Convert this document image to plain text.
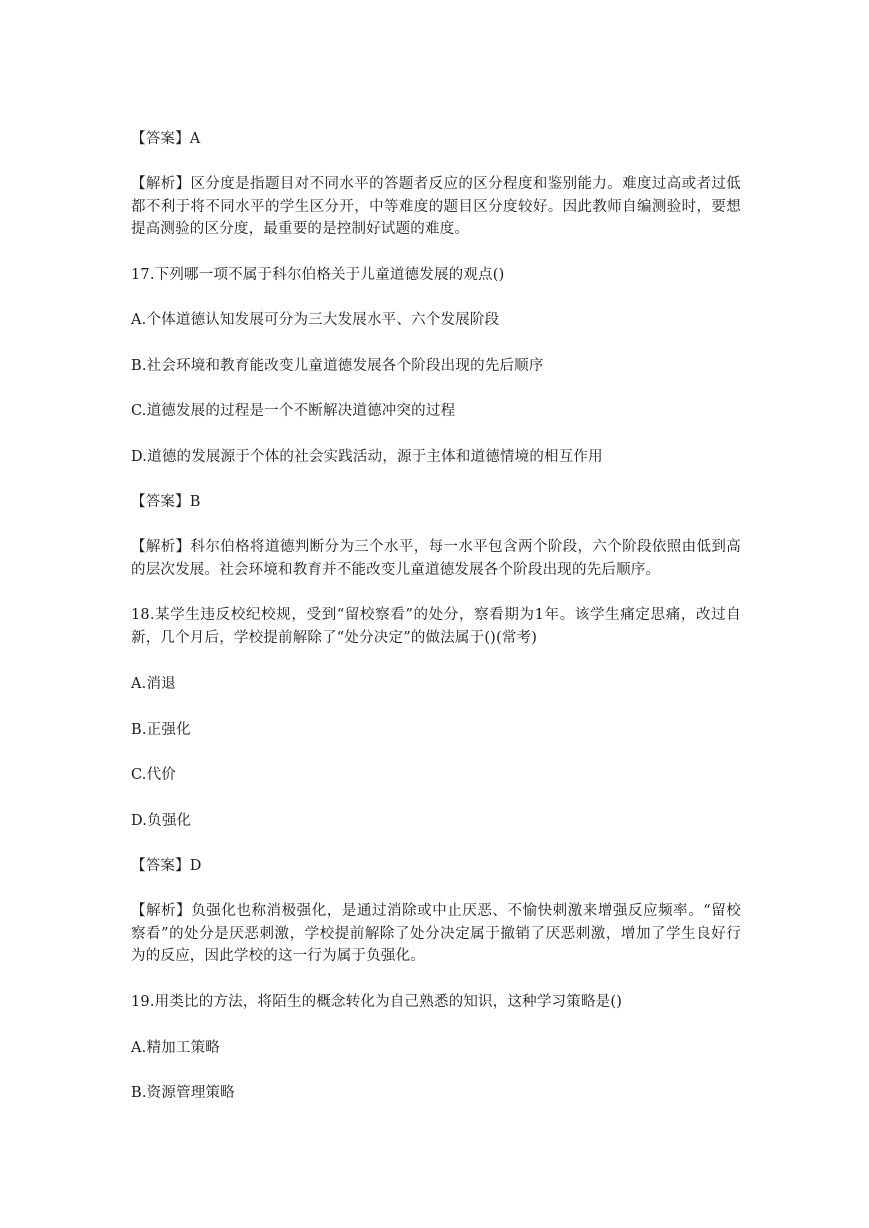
【答案】A
【解析】区分度是指题目对不同水平的答题者反应的区分程度和鉴别能力。难度过高或者过低都不利于将不同水平的学生区分开，中等难度的题目区分度较好。因此教师自编测验时，要想提高测验的区分度，最重要的是控制好试题的难度。
17.下列哪一项不属于科尔伯格关于儿童道德发展的观点()
A.个体道德认知发展可分为三大发展水平、六个发展阶段
B.社会环境和教育能改变儿童道德发展各个阶段出现的先后顺序
C.道德发展的过程是一个不断解决道德冲突的过程
D.道德的发展源于个体的社会实践活动，源于主体和道德情境的相互作用
【答案】B
【解析】科尔伯格将道德判断分为三个水平，每一水平包含两个阶段，六个阶段依照由低到高的层次发展。社会环境和教育并不能改变儿童道德发展各个阶段出现的先后顺序。
18.某学生违反校纪校规，受到“留校察看”的处分，察看期为1年。该学生痛定思痛，改过自新，几个月后，学校提前解除了“处分决定”的做法属于()(常考)
A.消退
B.正强化
C.代价
D.负强化
【答案】D
【解析】负强化也称消极强化，是通过消除或中止厌恶、不愉快刺激来增强反应频率。“留校察看”的处分是厌恶刺激，学校提前解除了处分决定属于撤销了厌恶刺激，增加了学生良好行为的反应，因此学校的这一行为属于负强化。
19.用类比的方法，将陌生的概念转化为自己熟悉的知识，这种学习策略是()
A.精加工策略
B.资源管理策略
